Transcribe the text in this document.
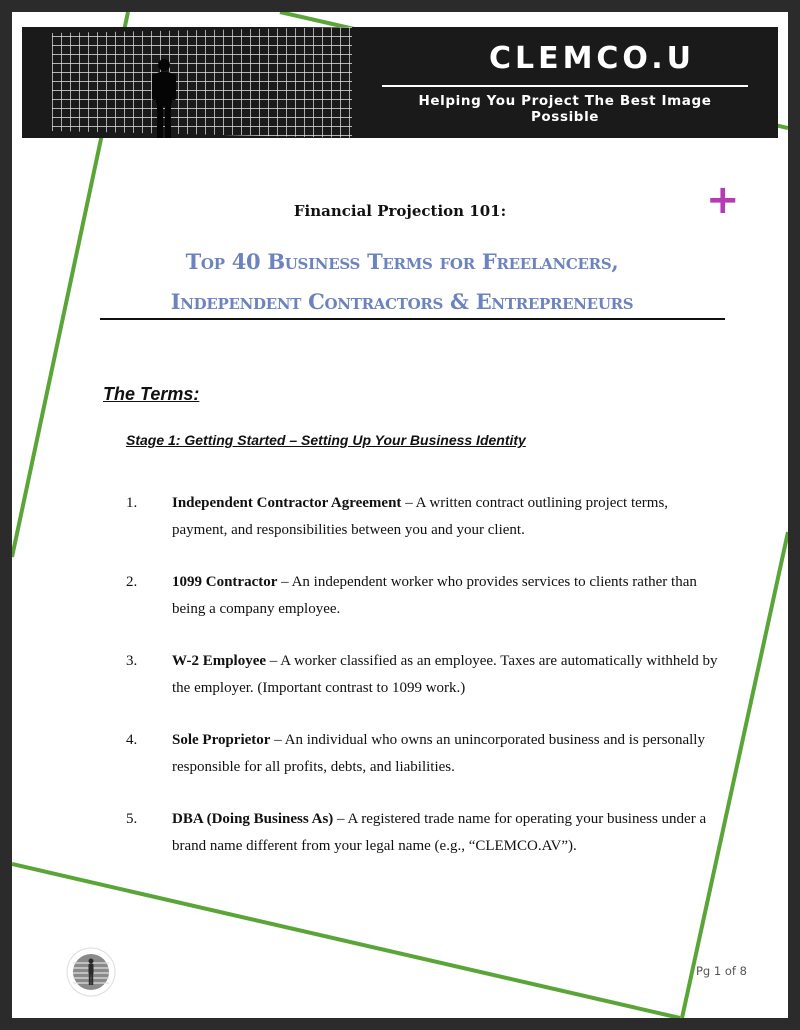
CLEMCO.U
Helping You Project The Best Image Possible
+
Financial Projection 101:
Top 40 Business Terms for Freelancers,
Independent Contractors & Entrepreneurs
The Terms:
Stage 1: Getting Started – Setting Up Your Business Identity
1. Independent Contractor Agreement – A written contract outlining project terms, payment, and responsibilities between you and your client.
2. 1099 Contractor – An independent worker who provides services to clients rather than being a company employee.
3. W-2 Employee – A worker classified as an employee. Taxes are automatically withheld by the employer. (Important contrast to 1099 work.)
4. Sole Proprietor – An individual who owns an unincorporated business and is personally responsible for all profits, debts, and liabilities.
5. DBA (Doing Business As) – A registered trade name for operating your business under a brand name different from your legal name (e.g., “CLEMCO.AV”).
Pg 1 of 8
